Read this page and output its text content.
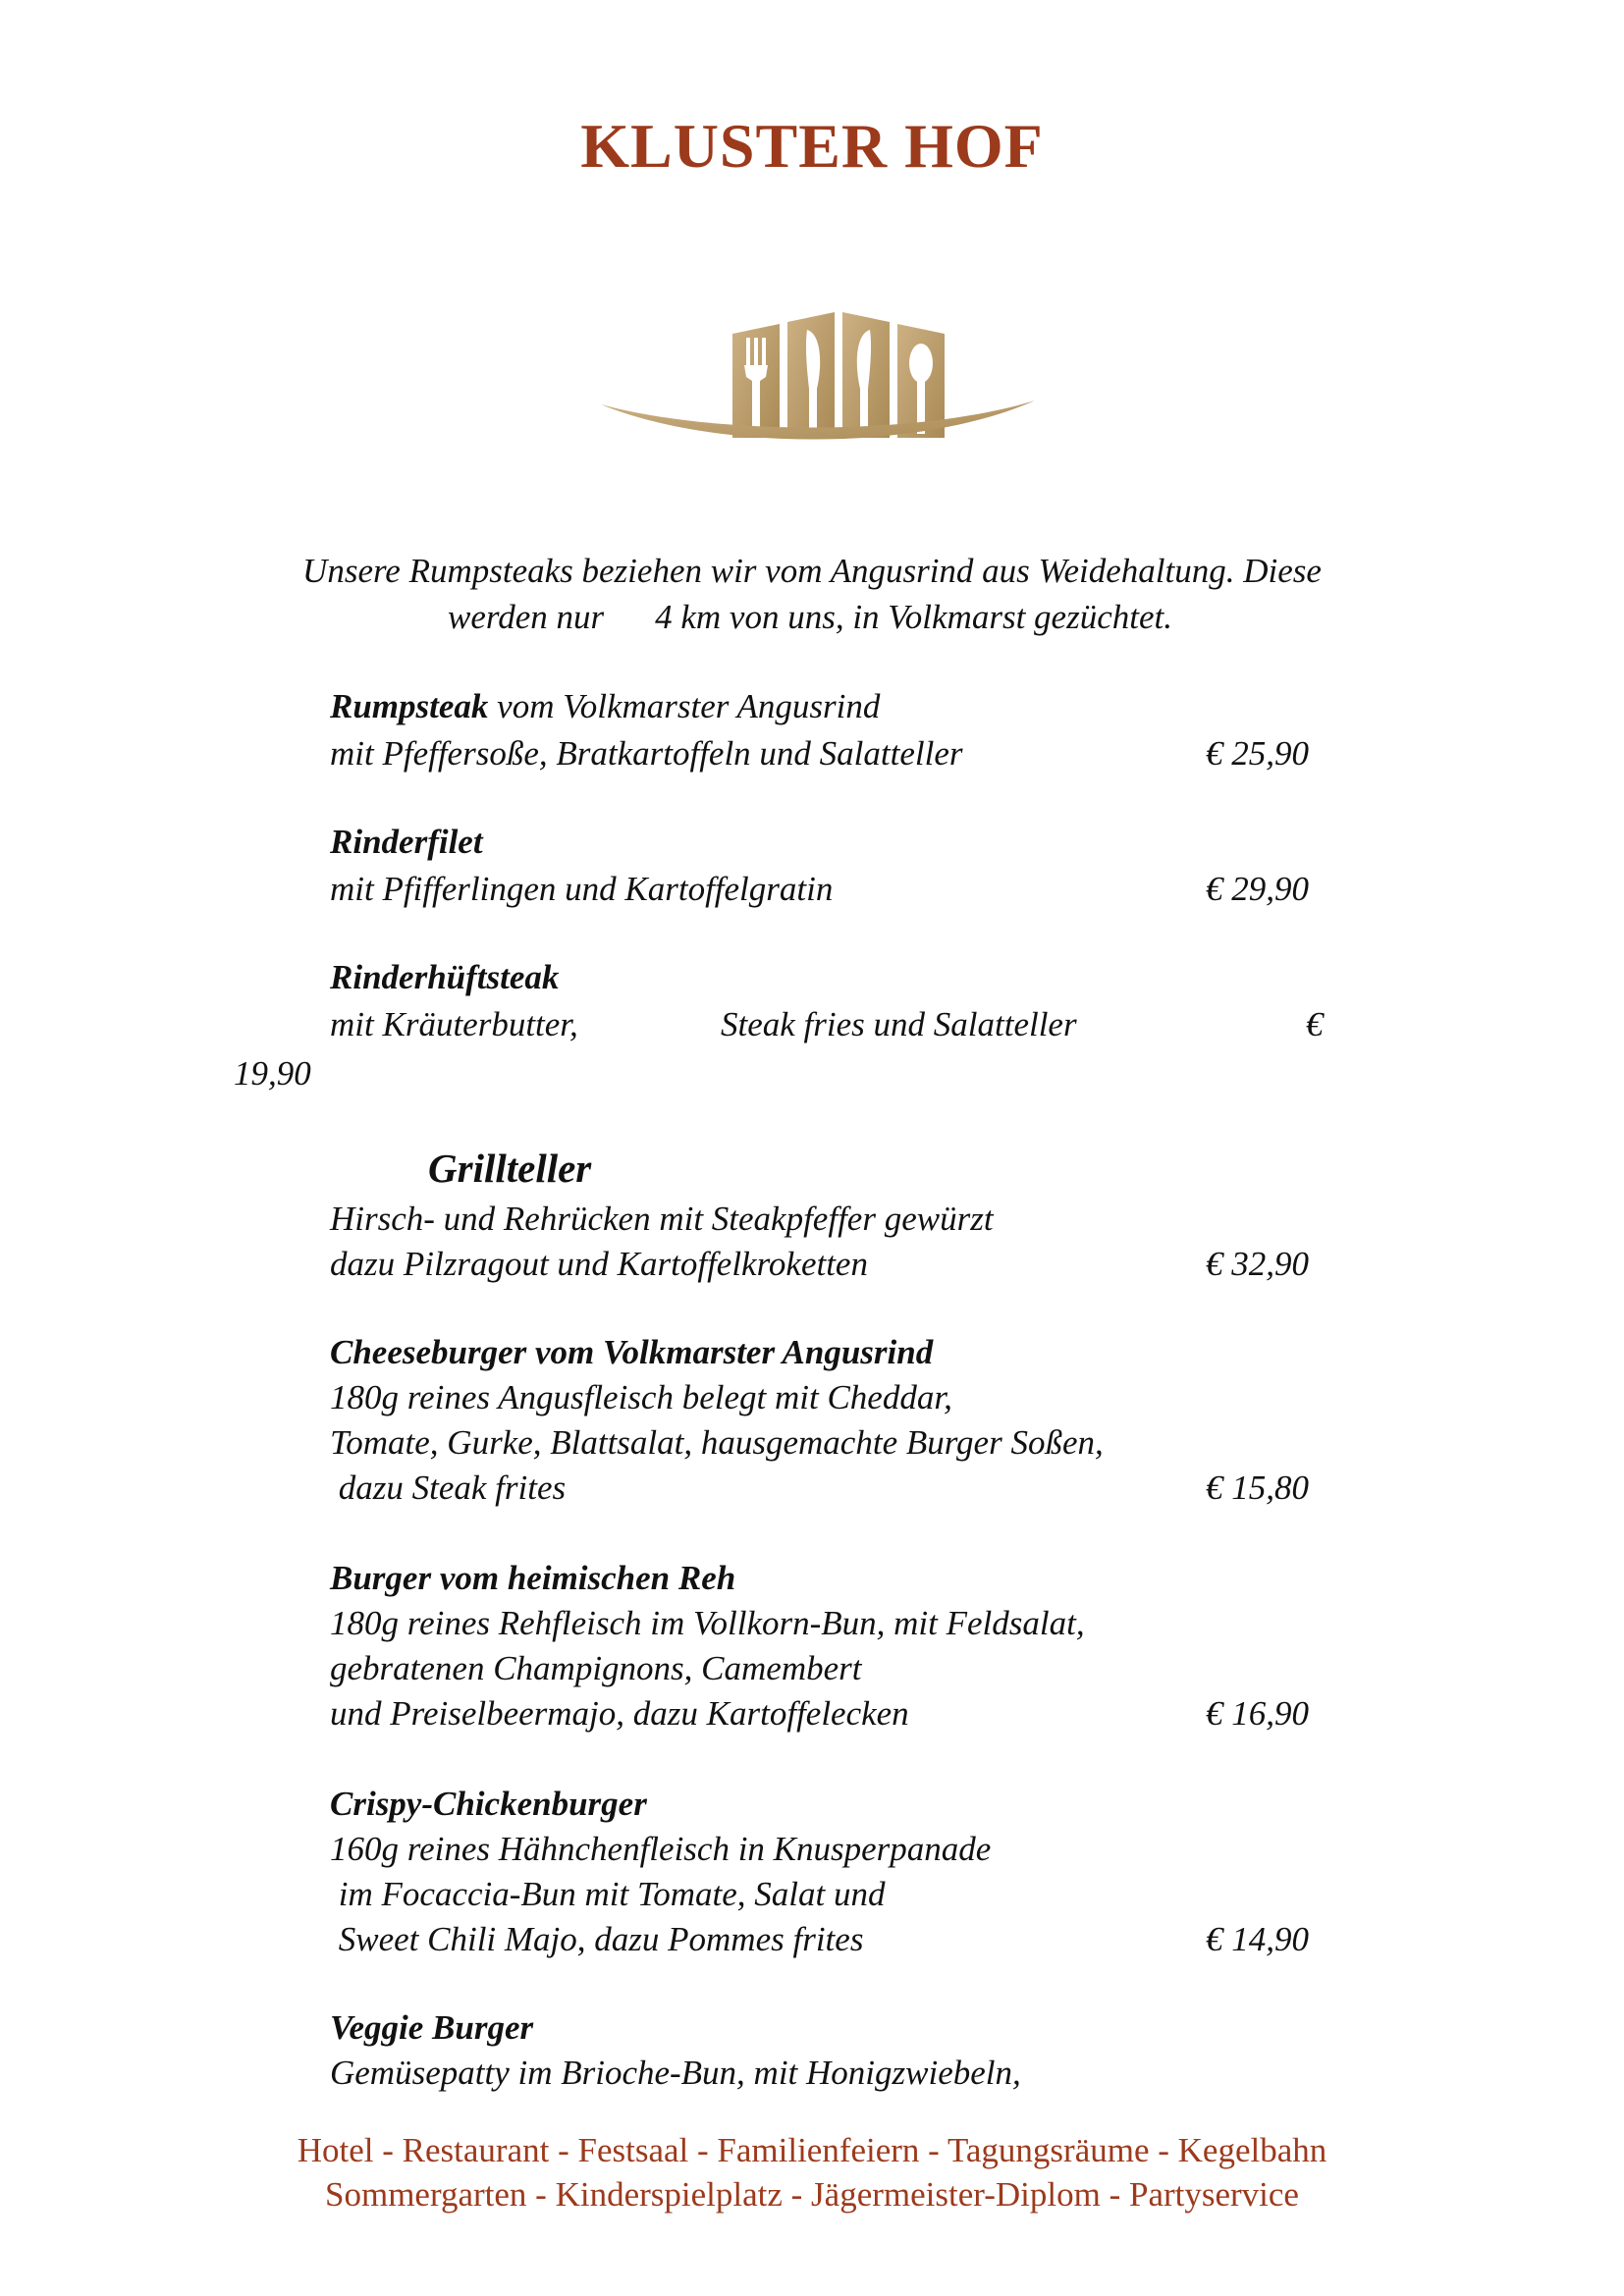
KLUSTER HOF
Unsere Rumpsteaks beziehen wir vom Angusrind aus Weidehaltung. Diese
werden nur 4 km von uns, in Volkmarst gezüchtet.
Rumpsteak vom Volkmarster Angusrind
mit Pfeffersoße, Bratkartoffeln und Salatteller	€ 25,90
Rinderfilet
mit Pfifferlingen und Kartoffelgratin	€ 29,90
Rinderhüftsteak
mit Kräuterbutter,	Steak fries und Salatteller	€
19,90
Grillteller
Hirsch- und Rehrücken mit Steakpfeffer gewürzt
dazu Pilzragout und Kartoffelkroketten	€ 32,90
Cheeseburger vom Volkmarster Angusrind
180g reines Angusfleisch belegt mit Cheddar,
Tomate, Gurke, Blattsalat, hausgemachte Burger Soßen,
dazu Steak frites	€ 15,80
Burger vom heimischen Reh
180g reines Rehfleisch im Vollkorn-Bun, mit Feldsalat,
gebratenen Champignons, Camembert
und Preiselbeermajo, dazu Kartoffelecken	€ 16,90
Crispy-Chickenburger
160g reines Hähnchenfleisch in Knusperpanade
im Focaccia-Bun mit Tomate, Salat und
Sweet Chili Majo, dazu Pommes frites	€ 14,90
Veggie Burger
Gemüsepatty im Brioche-Bun, mit Honigzwiebeln,
Hotel - Restaurant - Festsaal - Familienfeiern - Tagungsräume - Kegelbahn
Sommergarten - Kinderspielplatz - Jägermeister-Diplom - Partyservice
